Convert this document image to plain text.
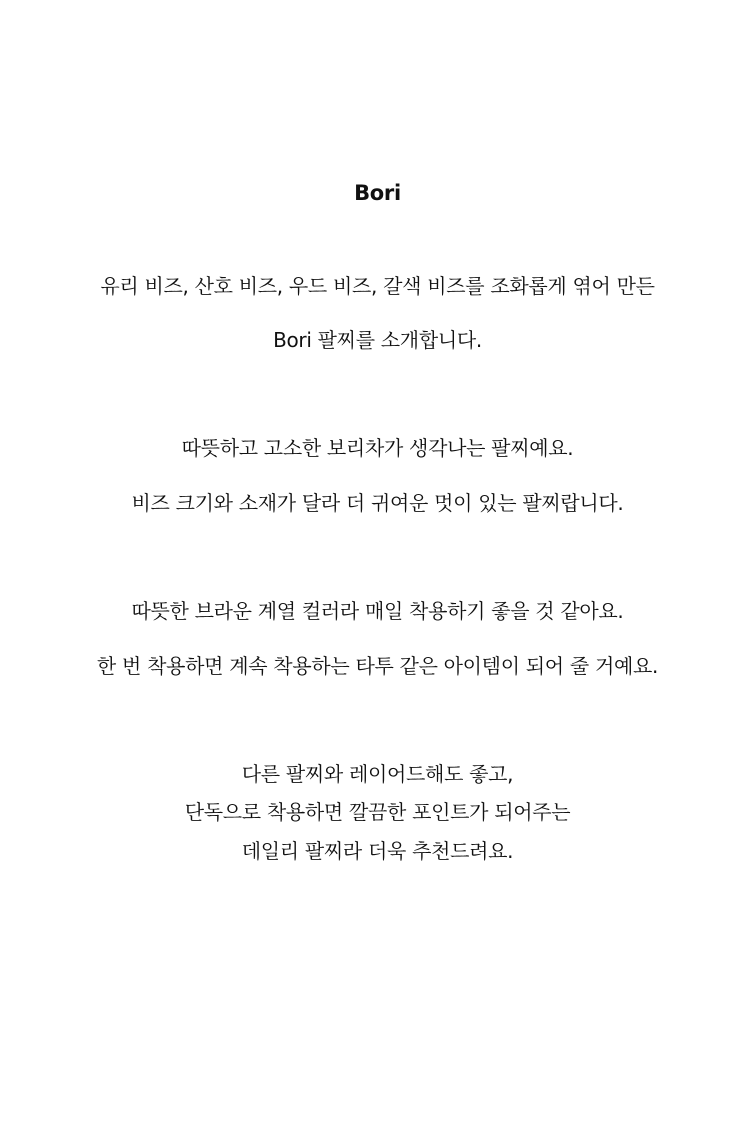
Bori
유리 비즈, 산호 비즈, 우드 비즈, 갈색 비즈를 조화롭게 엮어 만든
Bori 팔찌를 소개합니다.
따뜻하고 고소한 보리차가 생각나는 팔찌예요.
비즈 크기와 소재가 달라 더 귀여운 멋이 있는 팔찌랍니다.
따뜻한 브라운 계열 컬러라 매일 착용하기 좋을 것 같아요.
한 번 착용하면 계속 착용하는 타투 같은 아이템이 되어 줄 거예요.
다른 팔찌와 레이어드해도 좋고,
단독으로 착용하면 깔끔한 포인트가 되어주는
데일리 팔찌라 더욱 추천드려요.
